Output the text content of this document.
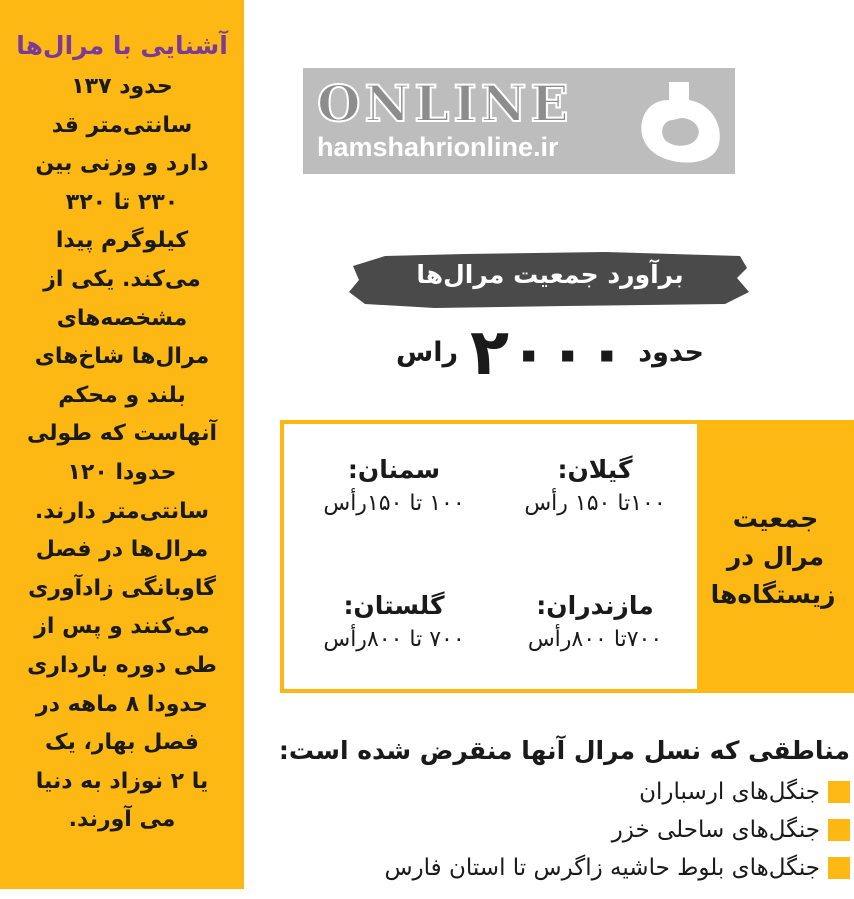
آشنایی با مرال‌ها
حدود ۱۳۷
سانتی‌متر قد
دارد و وزنی بین
۲۳۰ تا ۳۲۰
کیلوگرم پیدا
می‌کند. یکی از
مشخصه‌های
مرال‌ها شاخ‌های
بلند و محکم
آنهاست که طولی
حدودا ۱۲۰
سانتی‌متر دارند.
مرال‌ها در فصل
گاوبانگی زادآوری
می‌کنند و پس از
طی دوره بارداری
حدودا ۸ ماهه در
فصل بهار، یک
یا ۲ نوزاد به دنیا
می آورند.
ONLINE
hamshahrionline.ir
برآورد جمعیت مرال‌ها
حدود
۲۰۰۰
راس
گیلان:
۱۰۰تا ۱۵۰ رأس
سمنان:
۱۰۰ تا ۱۵۰رأس
مازندران:
۷۰۰تا ۸۰۰رأس
گلستان:
۷۰۰ تا ۸۰۰رأس
جمعیت مرال در زیستگاه‌ها
مناطقی که نسل مرال آنها منقرض شده است:
جنگل‌های ارسباران
جنگل‌های ساحلی خزر
جنگل‌های بلوط حاشیه زاگرس تا استان فارس
